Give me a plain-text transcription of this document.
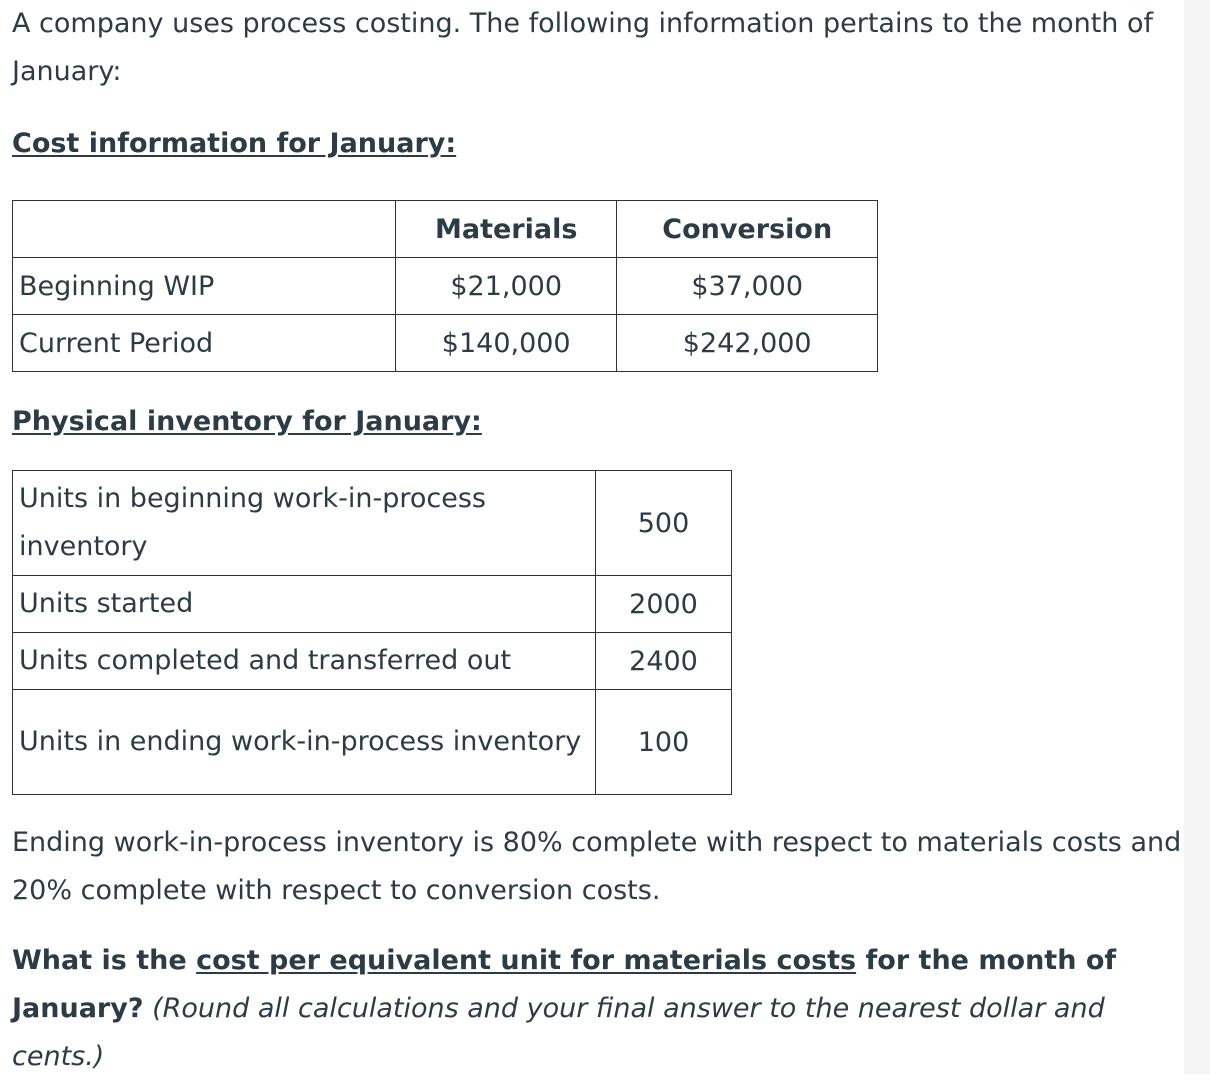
A company uses process costing. The following information pertains to the month of January:

Cost information for January:

	Materials	Conversion
Beginning WIP	$21,000	$37,000
Current Period	$140,000	$242,000

Physical inventory for January:

Units in beginning work-in-process inventory	500
Units started	2000
Units completed and transferred out	2400
Units in ending work-in-process inventory	100

Ending work-in-process inventory is 80% complete with respect to materials costs and 20% complete with respect to conversion costs.

What is the cost per equivalent unit for materials costs for the month of January? (Round all calculations and your final answer to the nearest dollar and cents.)
